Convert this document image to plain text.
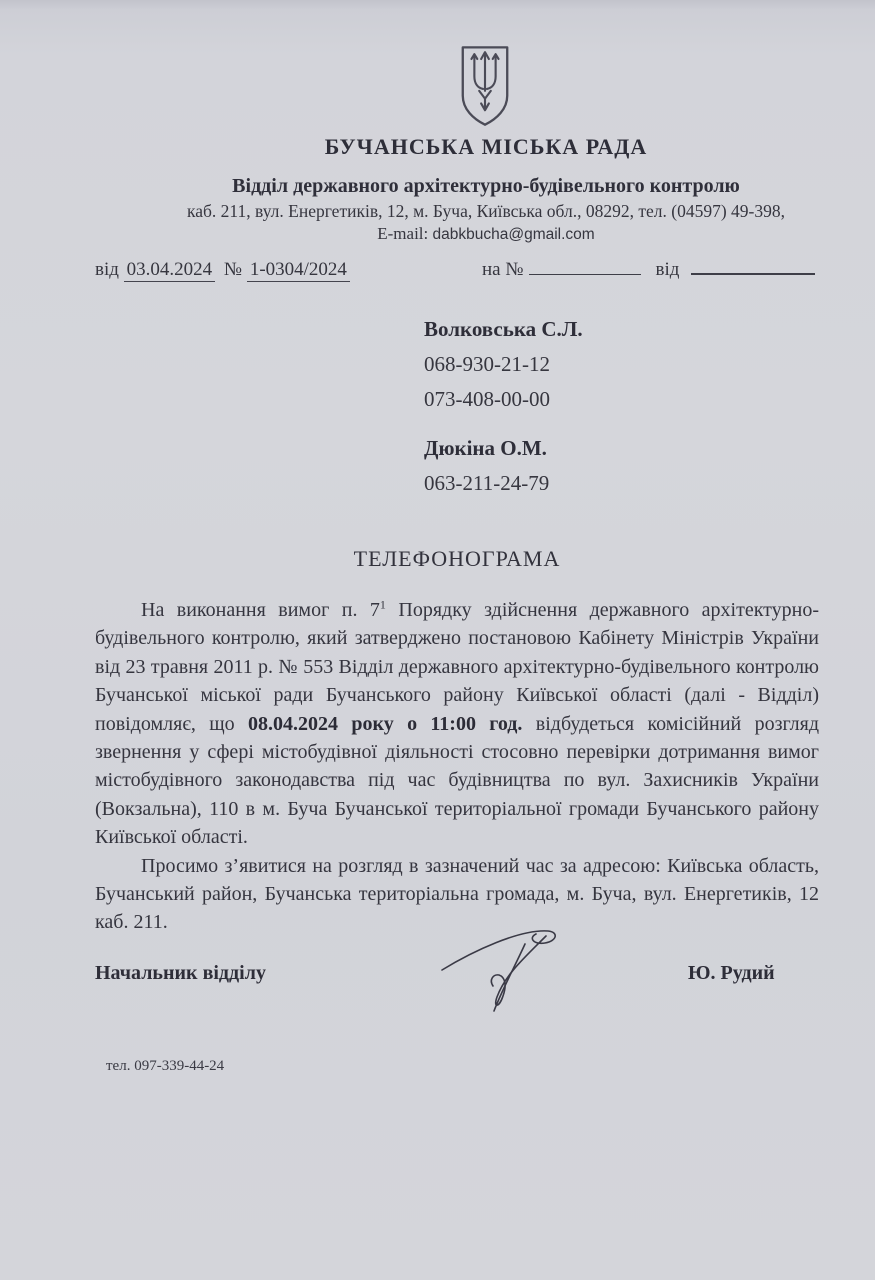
БУЧАНСЬКА МІСЬКА РАДА
Відділ державного архітектурно-будівельного контролю
каб. 211, вул. Енергетиків, 12, м. Буча, Київська обл., 08292, тел. (04597) 49-398,
E-mail: dabkbucha@gmail.com
від 03.04.2024 № 1-0304/2024	на №	від
Волковська С.Л.
068-930-21-12
073-408-00-00
Дюкіна О.М.
063-211-24-79
ТЕЛЕФОНОГРАМА

На виконання вимог п. $7^1$ Порядку здійснення державного архітектурно-будівельного контролю, який затверджено постановою Кабінету Міністрів України від 23 травня 2011 р. № 553 Відділ державного архітектурно-будівельного контролю Бучанської міської ради Бучанського району Київської області (далі - Відділ) повідомляє, що 08.04.2024 року о 11:00 год. відбудеться комісійний розгляд звернення у сфері містобудівної діяльності стосовно перевірки дотримання вимог містобудівного законодавства під час будівництва по вул. Захисників України (Вокзальна), 110 в м. Буча Бучанської територіальної громади Бучанського району Київської області.

Просимо з’явитися на розгляд в зазначений час за адресою: Київська область, Бучанський район, Бучанська територіальна громада, м. Буча, вул. Енергетиків, 12 каб. 211.

Начальник відділу	Ю. Рудий
тел. 097-339-44-24
